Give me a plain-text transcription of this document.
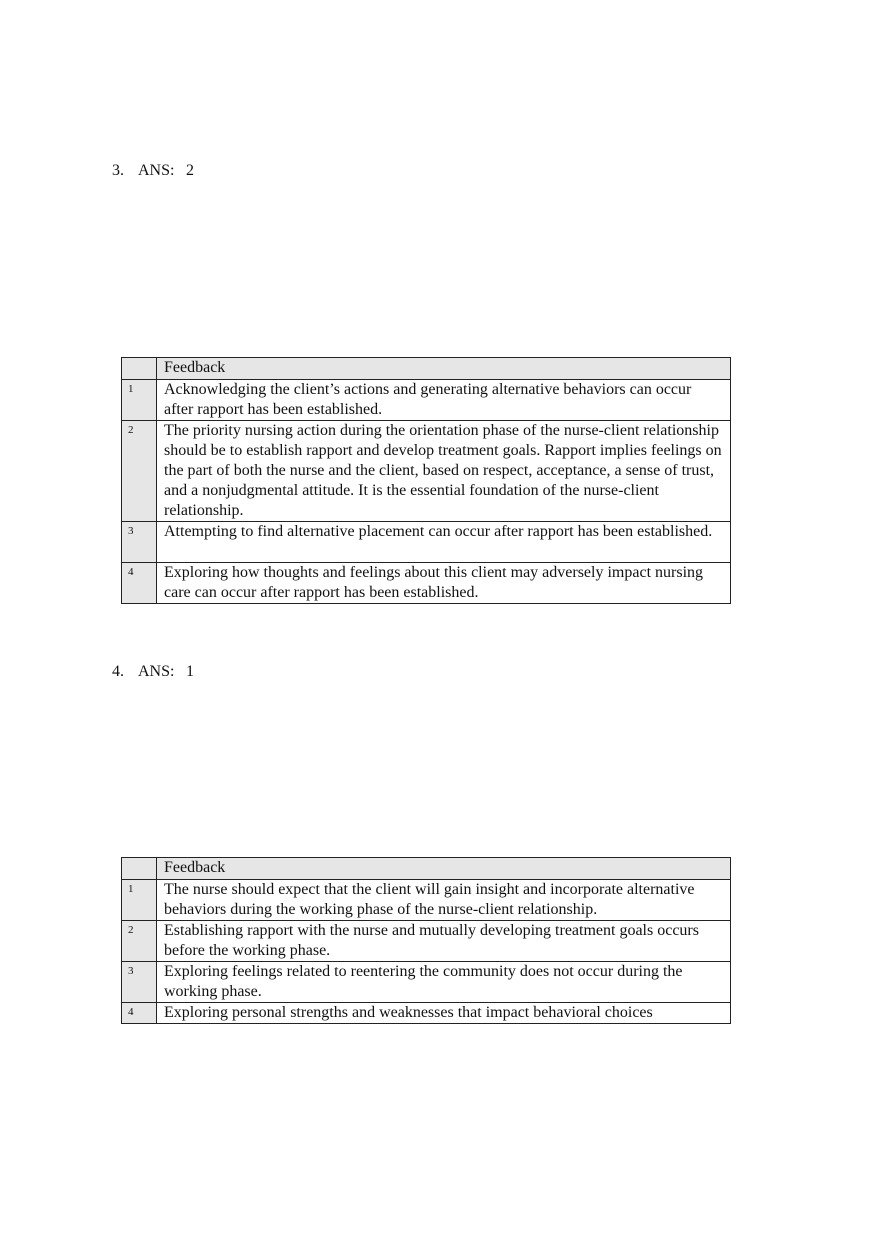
3. ANS: 2

	Feedback
1	Acknowledging the client’s actions and generating alternative behaviors can occur after rapport has been established.
2	The priority nursing action during the orientation phase of the nurse-client relationship should be to establish rapport and develop treatment goals. Rapport implies feelings on the part of both the nurse and the client, based on respect, acceptance, a sense of trust, and a nonjudgmental attitude. It is the essential foundation of the nurse-client relationship.
3	Attempting to find alternative placement can occur after rapport has been established.
4	Exploring how thoughts and feelings about this client may adversely impact nursing care can occur after rapport has been established.

4. ANS: 1

	Feedback
1	The nurse should expect that the client will gain insight and incorporate alternative behaviors during the working phase of the nurse-client relationship.
2	Establishing rapport with the nurse and mutually developing treatment goals occurs before the working phase.
3	Exploring feelings related to reentering the community does not occur during the working phase.
4	Exploring personal strengths and weaknesses that impact behavioral choices
